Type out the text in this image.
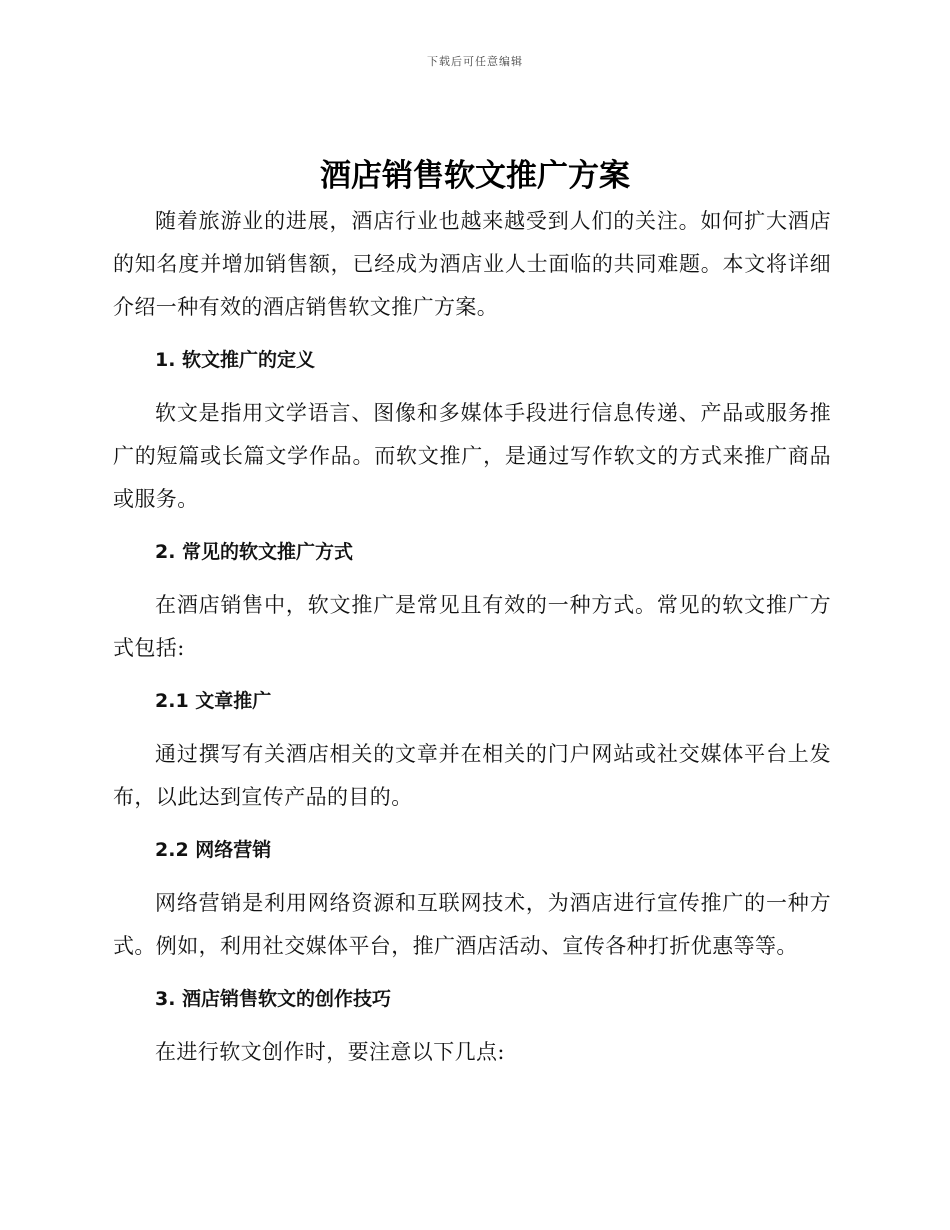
下载后可任意编辑
酒店销售软文推广方案

随着旅游业的进展，酒店行业也越来越受到人们的关注。如何扩大酒店的知名度并增加销售额，已经成为酒店业人士面临的共同难题。本文将详细介绍一种有效的酒店销售软文推广方案。

1. 软文推广的定义

软文是指用文学语言、图像和多媒体手段进行信息传递、产品或服务推广的短篇或长篇文学作品。而软文推广，是通过写作软文的方式来推广商品或服务。

2. 常见的软文推广方式

在酒店销售中，软文推广是常见且有效的一种方式。常见的软文推广方式包括:

2.1 文章推广

通过撰写有关酒店相关的文章并在相关的门户网站或社交媒体平台上发布，以此达到宣传产品的目的。

2.2 网络营销

网络营销是利用网络资源和互联网技术，为酒店进行宣传推广的一种方式。例如，利用社交媒体平台，推广酒店活动、宣传各种打折优惠等等。

3. 酒店销售软文的创作技巧

在进行软文创作时，要注意以下几点:
